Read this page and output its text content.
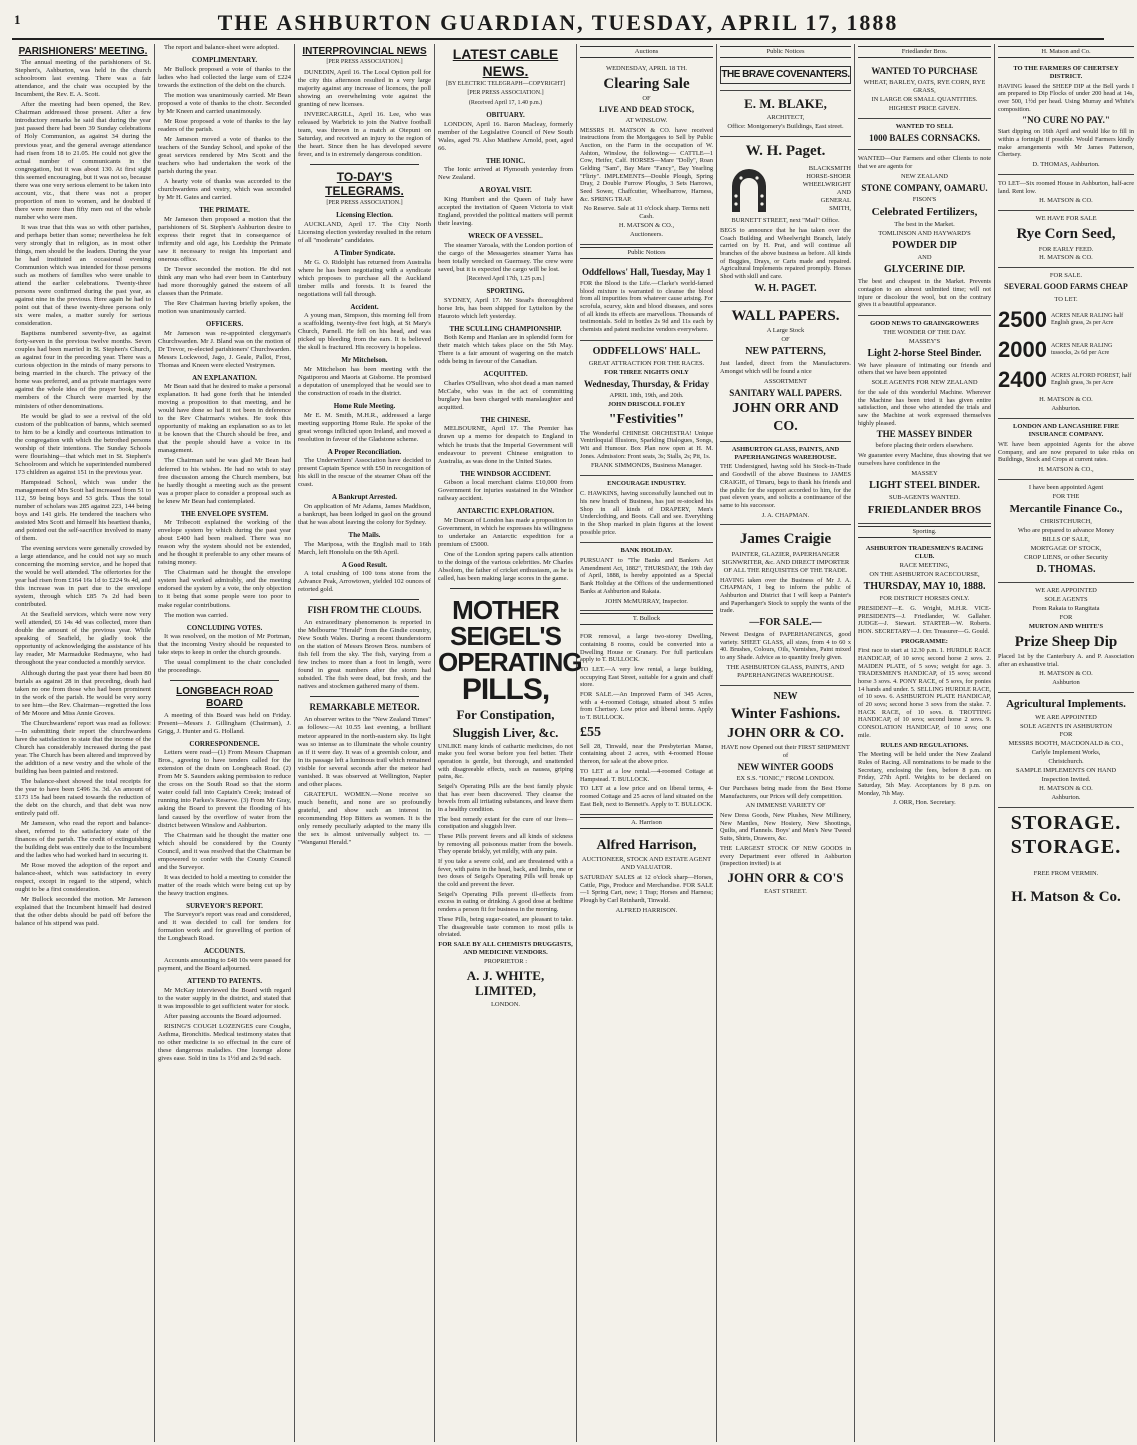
1	THE ASHBURTON GUARDIAN, TUESDAY, APRIL 17, 1888
PARISHIONERS' MEETING.

The annual meeting of the parishioners of St. Stephen's, Ashburton, was held in the church schoolroom last evening. There was a fair attendance, and the chair was occupied by the Incumbent, the Rev. E. A. Scott.

After the meeting had been opened, the Rev. Chairman addressed those present. After a few introductory remarks he said that during the year just passed there had been 39 Sunday celebrations of Holy Communion, as against 34 during the previous year, and the general average attendance had risen from 18 to 21.05. He could not give the actual number of communicants in the congregation, but it was about 130. At first sight this seemed encouraging, but it was not so, because there was one very serious element to be taken into account, viz., that there was not a proper proportion of men to women, and he doubted if there were more than fifty men out of the whole number who were men.

It was true that this was so with other parishes, and perhaps better than some; nevertheless he felt very strongly that in religion, as in most other things, men should be the leaders. During the year he had instituted an occasional evening Communion which was intended for those persons such as mothers of families who were unable to attend the earlier celebrations. Twenty-three persons were confirmed during the past year, as against nine in the previous. Here again he had to point out that of these twenty-three persons only six were males, a matter surely for serious consideration.

Baptisms numbered seventy-five, as against forty-seven in the previous twelve months. Seven couples had been married in St. Stephen's Church, as against four in the preceding year. There was a curious objection in the minds of many persons to being married in the church. The privacy of the home was preferred, and as private marriages were against the whole idea of the prayer book, many members of the Church were married by the ministers of other denominations.

He would be glad to see a revival of the old custom of the publication of banns, which seemed to him to be a kindly and courteous intimation to the congregation with which the betrothed persons worship of their intentions. The Sunday Schools were flourishing—that which met in St. Stephen's Schoolroom and which he superintended numbered 173 children as against 151 in the previous year.

Hampstead School, which was under the management of Mrs Scott had increased from 51 to 112, 59 being boys and 53 girls. Thus the total number of scholars was 285 against 223, 144 being boys and 141 girls. He tendered the teachers who assisted Mrs Scott and himself his heartiest thanks, and pointed out the self-sacrifice involved to many of them.

The evening services were generally crowded by a large attendance, and he could not say so much concerning the morning service, and he hoped that the would be well attended. The offertories for the year had risen from £164 16s 1d to £224 9s 4d, and this increase was in part due to the envelope system, through which £85 7s 2d had been contributed.

At the Seafield services, which were now very well attended, £6 14s 4d was collected, more than double the amount of the previous year. While speaking of Seafield, he gladly took the opportunity of acknowledging the assistance of his lay reader, Mr Marmaduke Redmayne, who had throughout the year conducted a monthly service.

Although during the past year there had been 80 burials as against 28 in that preceding, death had taken no one from those who had been prominent in the work of the parish. He would be very sorry to see him—the Rev. Chairman—regretted the loss of Mr Moore and Miss Annie Groves.

The Churchwardens' report was read as follows:—In submitting their report the churchwardens have the satisfaction to state that the income of the Church has considerably increased during the past year. The Church has been altered and improved by the addition of a new vestry and the whole of the building has been painted and restored.

The balance-sheet showed the total receipts for the year to have been £496 3s. 3d. An amount of £173 15s had been raised towards the reduction of the debt on the church, and that debt was now entirely paid off.

Mr Jameson, who read the report and balance-sheet, referred to the satisfactory state of the finances of the parish. The credit of extinguishing the building debt was entirely due to the Incumbent and the ladies who had worked hard in securing it.

Mr Rose moved the adoption of the report and balance-sheet, which was satisfactory in every respect, except in regard to the stipend, which ought to be a first consideration.

Mr Bullock seconded the motion. Mr Jameson explained that the Incumbent himself had desired that the other debts should be paid off before the balance of his stipend was paid.

The report and balance-sheet were adopted.

COMPLIMENTARY.

Mr Bullock proposed a vote of thanks to the ladies who had collected the large sum of £224 towards the extinction of the debt on the church.

The motion was unanimously carried. Mr Bean proposed a vote of thanks to the choir. Seconded by Mr Kneen and carried unanimously.

Mr Rose proposed a vote of thanks to the lay readers of the parish.

Mr Jameson moved a vote of thanks to the teachers of the Sunday School, and spoke of the great services rendered by Mrs Scott and the teachers who had undertaken the work of the parish during the year.

A hearty vote of thanks was accorded to the churchwardens and vestry, which was seconded by Mr H. Gates and carried.

THE PRIMATE.

Mr Jameson then proposed a motion that the parishioners of St. Stephen's Ashburton desire to express their regret that in consequence of infirmity and old age, his Lordship the Primate saw it necessary to resign his important and onerous office.

Dr Trevor seconded the motion. He did not think any man who had ever been in Canterbury had more thoroughly gained the esteem of all classes than the Primate.

The Rev Chairman having briefly spoken, the motion was unanimously carried.

OFFICERS.

Mr Jameson was re-appointed clergyman's Churchwarden. Mr J. Bland was on the motion of Dr Trevor, re-elected parishioners' Churchwarden. Messrs Lockwood, Jago, J. Geale, Pallot, Frost, Thomas and Kneen were elected Vestrymen.

AN EXPLANATION.

Mr Bean said that he desired to make a personal explanation. It had gone forth that he intended moving a proposition to that meeting, and he would have done so had it not been in deference to the Rev Chairman's wishes. He took this opportunity of making an explanation so as to let it be known that the Church should be free, and that the people should have a voice in its management.

The Chairman said he was glad Mr Bean had deferred to his wishes. He had no wish to stay free discussion among the Church members, but he hardly thought a meeting such as the present was a proper place to consider a proposal such as he knew Mr Bean had contemplated.

THE ENVELOPE SYSTEM.

Mr Tribecott explained the working of the envelope system by which during the past year about £400 had been realised. There was no reason why the system should not be extended, and he thought it preferable to any other means of raising money.

The Chairman said he thought the envelope system had worked admirably, and the meeting endorsed the system by a vote, the only objection to it being that some people were too poor to make regular contributions.

The motion was carried.

CONCLUDING VOTES.

It was resolved, on the motion of Mr Portman, that the incoming Vestry should be requested to take steps to keep in order the church grounds.

The usual compliment to the chair concluded the proceedings.

LONGBEACH ROAD BOARD

A meeting of this Board was held on Friday. Present—Messrs J. Gillingham (Chairman), J. Grigg, J. Hunter and G. Holland.

CORRESPONDENCE.

Letters were read—(1) From Messrs Chapman Bros., agreeing to have tenders called for the extension of the drain on Longbeach Road. (2) From Mr S. Saunders asking permission to reduce the cross on the South Road so that the storm water could fall into Captain's Creek; instead of running into Parkes's Reserve. (3) From Mr Gray, asking the Board to prevent the flooding of his land caused by the overflow of water from the district between Winslow and Ashburton.

The Chairman said he thought the matter one which should be considered by the County Council, and it was resolved that the Chairman be empowered to confer with the County Council and the Surveyor.

It was decided to hold a meeting to consider the matter of the roads which were being cut up by the heavy traction engines.

SURVEYOR'S REPORT.

The Surveyor's report was read and considered, and it was decided to call for tenders for formation work and for gravelling of portion of the Longbeach Road.

ACCOUNTS.

Accounts amounting to £48 10s were passed for payment, and the Board adjourned.

ATTEND TO PATENTS.

Mr McKay interviewed the Board with regard to the water supply in the district, and stated that it was impossible to get sufficient water for stock.

After passing accounts the Board adjourned.

RISING'S COUGH LOZENGES cure Coughs, Asthma, Bronchitis. Medical testimony states that no other medicine is so effectual in the cure of these dangerous maladies. One lozenge alone gives ease. Sold in tins 1s 1½d and 2s 9d each.

INTERPROVINCIAL NEWS
[PER PRESS ASSOCIATION.]

DUNEDIN, April 16. The Local Option poll for the city this afternoon resulted in a very large majority against any increase of licences, the poll showing an overwhelming vote against the granting of new licenses.

INVERCARGILL, April 16. Lee, who was released by Warbrick to join the Native football team, was thrown in a match at Otepuni on Saturday, and received an injury to the region of the heart. Since then he has developed severe fever, and is in extremely dangerous condition.

TO-DAY'S TELEGRAMS.
[PER PRESS ASSOCIATION.]
Licensing Election.

AUCKLAND, April 17. The City North Licensing election yesterday resulted in the return of all "moderate" candidates.

A Timber Syndicate.

Mr G. O. Ridolphi has returned from Australia where he has been negotiating with a syndicate which proposes to purchase all the Auckland timber mills and forests. It is feared the negotiations will fall through.

Accident.

A young man, Simpson, this morning fell from a scaffolding, twenty-five feet high, at St Mary's Church, Parnell. He fell on his head, and was picked up bleeding from the ears. It is believed the skull is fractured. His recovery is hopeless.

Mr Mitchelson.

Mr Mitchelson has been meeting with the Ngatiporou and Maoris at Gisborne. He promised a deputation of unemployed that he would see to the construction of roads in the district.

Home Rule Meeting.

Mr E. M. Smith, M.H.R., addressed a large meeting supporting Home Rule. He spoke of the great wrongs inflicted upon Ireland, and moved a resolution in favour of the Gladstone scheme.

A Proper Reconciliation.

The Underwriters' Association have decided to present Captain Spence with £50 in recognition of his skill in the rescue of the steamer Ohau off the coast.

A Bankrupt Arrested.

On application of Mr Adams, James Maddison, a bankrupt, has been lodged in gaol on the ground that he was about leaving the colony for Sydney.

The Mails.

The Mariposa, with the English mail to 16th March, left Honolulu on the 9th April.

A Good Result.

A total crushing of 100 tons stone from the Advance Peak, Arrowtown, yielded 102 ounces of retorted gold.

FISH FROM THE CLOUDS.

An extraordinary phenomenon is reported in the Melbourne "Herald" from the Gindie country, New South Wales. During a recent thunderstorm on the station of Messrs Brown Bros. numbers of fish fell from the sky. The fish, varying from a few inches to more than a foot in length, were found in great numbers after the storm had subsided. The fish were dead, but fresh, and the natives and stockmen gathered many of them.

REMARKABLE METEOR.

An observer writes to the "New Zealand Times" as follows:—At 10.55 last evening, a brilliant meteor appeared in the north-eastern sky. Its light was so intense as to illuminate the whole country as if it were day. It was of a greenish colour, and in its passage left a luminous trail which remained visible for several seconds after the meteor had vanished. It was observed at Wellington, Napier and other places.

GRATEFUL WOMEN.—None receive so much benefit, and none are so profoundly grateful, and show such an interest in recommending Hop Bitters as women. It is the only remedy peculiarly adapted to the many ills the sex is almost universally subject to. — "Wanganui Herald."

LATEST CABLE NEWS.
[BY ELECTRIC TELEGRAPH—COPYRIGHT]
[PER PRESS ASSOCIATION.]
(Received April 17, 1.40 p.m.)
OBITUARY.

LONDON, April 16. Baron Macleay, formerly member of the Legislative Council of New South Wales, aged 79. Also Matthew Arnold, poet, aged 66.

THE IONIC.

The Ionic arrived at Plymouth yesterday from New Zealand.

A ROYAL VISIT.

King Humbert and the Queen of Italy have accepted the invitation of Queen Victoria to visit England, provided the political matters will permit their leaving.

WRECK OF A VESSEL.

The steamer Yaroala, with the London portion of the cargo of the Messageries steamer Yarra has been totally wrecked on Guernsey. The crew were saved, but it is expected the cargo will be lost.

[Received April 17th, 1.25 p.m.]
SPORTING.

SYDNEY, April 17. Mr Stead's thoroughbred horse Iris, has been shipped for Lyttelton by the Hauroto which left yesterday.

THE SCULLING CHAMPIONSHIP.

Both Kemp and Hanlan are in splendid form for their match which takes place on the 5th May. There is a fair amount of wagering on the match odds being in favour of the Canadian.

ACQUITTED.

Charles O'Sullivan, who shot dead a man named McCabe, who was in the act of committing burglary has been charged with manslaughter and acquitted.

THE CHINESE.

MELBOURNE, April 17. The Premier has drawn up a memo for despatch to England in which he trusts that the Imperial Government will endeavour to prevent Chinese emigration to Australia, as was done in the United States.

THE WINDSOR ACCIDENT.

Gibson a local merchant claims £10,000 from Government for injuries sustained in the Windsor railway accident.

ANTARCTIC EXPLORATION.

Mr Duncan of London has made a proposition to Government, in which he expresses his willingness to undertake an Antarctic expedition for a premium of £5000.

One of the London spring papers calls attention to the doings of the various celebrities. Mr Charles Absolom, the father of cricket enthusiasm, as he is called, has been making large scores in the game.

MOTHER
SEIGEL'S
OPERATING
PILLS,
For Constipation,
Sluggish Liver, &c.
UNLIKE many kinds of cathartic medicines, do not make you feel worse before you feel better. Their operation is gentle, but thorough, and unattended with disagreeable effects, such as nausea, griping pains, &c.
Seigel's Operating Pills are the best family physic that has ever been discovered. They cleanse the bowels from all irritating substances, and leave them in a healthy condition.
The best remedy extant for the cure of our lives—constipation and sluggish liver.
These Pills prevent fevers and all kinds of sickness by removing all poisonous matter from the bowels. They operate briskly, yet mildly, with any pain.
If you take a severe cold, and are threatened with a fever, with pains in the head, back, and limbs, one or two doses of Seigel's Operating Pills will break up the cold and prevent the fever.
Seigel's Operating Pills prevent ill-effects from excess in eating or drinking. A good dose at bedtime renders a person fit for business in the morning.
These Pills, being sugar-coated, are pleasant to take. The disagreeable taste common to most pills is obviated.
FOR SALE BY ALL CHEMISTS DRUGGISTS, AND MEDICINE VENDORS.
PROPRIETOR :
A. J. WHITE, LIMITED,
LONDON.
Auctions
WEDNESDAY, APRIL 18 TH.
Clearing Sale
OF
LIVE AND DEAD STOCK,
AT WINSLOW.
MESSRS H. MATSON & CO. have received instructions from the Mortgagees to Sell by Public Auction, on the Farm in the occupation of W. Ashton, Winslow, the following:— CATTLE—1 Cow, Heifer, Calf. HORSES—Mare "Dolly", Roan Gelding "Sam", Bay Mare "Fancy", Bay Yearling "Flirty". IMPLEMENTS—Double Plough, Spring Dray, 2 Double Furrow Ploughs, 3 Sets Harrows, Seed Sower, Chaffcutter, Wheelbarrow, Harness, &c. SPRING TRAP.
No Reserve. Sale at 11 o'clock sharp. Terms nett Cash.
H. MATSON & CO.,
Auctioneers.
Public Notices
Oddfellows' Hall, Tuesday, May 1
FOR the Blood is the Life.—Clarke's world-famed blood mixture is warranted to cleanse the blood from all impurities from whatever cause arising. For scrofula, scurvy, skin and blood diseases, and sores of all kinds its effects are marvellous. Thousands of testimonials. Sold in bottles 2s 9d and 11s each by chemists and patent medicine vendors everywhere.
ODDFELLOWS' HALL.
GREAT ATTRACTION FOR THE RACES.
FOR THREE NIGHTS ONLY
Wednesday, Thursday, & Friday
APRIL 18th, 19th, and 20th.
JOHN DRISCOLL FOLEY
"Festivities"
The Wonderful CHINESE ORCHESTRA! Unique Ventriloquial Illusions, Sparkling Dialogues, Songs, Wit and Humour. Box Plan now open at H. M. Jones. Admission: Front seats, 3s; Stalls, 2s; Pit, 1s.
FRANK SIMMONDS, Business Manager.
ENCOURAGE INDUSTRY.
C. HAWKINS, having successfully launched out in his new branch of Business, has just re-stocked his Shop in all kinds of DRAPERY, Men's Underclothing, and Boots. Call and see. Everything in the Shop marked in plain figures at the lowest possible price.
BANK HOLIDAY.
PURSUANT to "The Banks and Bankers Act Amendment Act, 1882", THURSDAY, the 19th day of April, 1888, is hereby appointed as a Special Bank Holiday at the Offices of the undermentioned Banks at Ashburton and Rakaia.
JOHN McMURRAY, Inspector.
T. Bullock
FOR removal, a large two-storey Dwelling, containing 8 rooms, could be converted into a Dwelling House or Granary. For full particulars apply to T. BULLOCK.
TO LET.—A very low rental, a large building, occupying East Street, suitable for a grain and chaff store.
FOR SALE.—An Improved Farm of 345 Acres, with a 4-roomed Cottage, situated about 5 miles from Chertsey. Low price and liberal terms. Apply to T. BULLOCK.
£55
Sell 28, Tinwald, near the Presbyterian Manse, containing about 2 acres, with 4-roomed House thereon, for sale at the above price.
TO LET at a low rental.—4-roomed Cottage at Hampstead. T. BULLOCK.
TO LET at a low price and on liberal terms, 4-roomed Cottage and 25 acres of land situated on the East Belt, next to Bennett's. Apply to T. BULLOCK.
A. Harrison
Alfred Harrison,
AUCTIONEER, STOCK AND ESTATE AGENT AND VALUATOR.
SATURDAY SALES at 12 o'clock sharp—Horses, Cattle, Pigs, Produce and Merchandise. FOR SALE—1 Spring Cart, new; 1 Trap; Horses and Harness; Plough by Carl Reinhardt, Tinwald.
ALFRED HARRISON.
Public Notices
THE BRAVE COVENANTERS.
E. M. BLAKE,
ARCHITECT,
Office: Montgomery's Buildings, East street.
W. H. Paget.
BLACKSMITH
HORSE-SHOER
WHEELWRIGHT
AND
GENERAL
SMITH,
BURNETT STREET, next "Mail" Office.
BEGS to announce that he has taken over the Coach Building and Wheelwright Branch, lately carried on by H. Prat, and will continue all branches of the above business as before. All kinds of Buggies, Drays, or Carts made and repaired. Agricultural Implements repaired promptly. Horses Shod with skill and care.
W. H. PAGET.
WALL PAPERS.
A Large Stock
OF
NEW PATTERNS,
Just landed, direct from the Manufacturers. Amongst which will be found a nice
ASSORTMENT
SANITARY WALL PAPERS.
JOHN ORR AND CO.
ASHBURTON GLASS, PAINTS, AND PAPERHANGINGS WAREHOUSE.
THE Undersigned, having sold his Stock-in-Trade and Goodwill of the above Business to JAMES CRAIGIE, of Timaru, begs to thank his friends and the public for the support accorded to him, for the past eleven years, and solicits a continuance of the same to his successor.
J. A. CHAPMAN.
James Craigie
PAINTER, GLAZIER, PAPERHANGER SIGNWRITER, &c. AND DIRECT IMPORTER OF ALL THE REQUISITES OF THE TRADE.
HAVING taken over the Business of Mr J. A. CHAPMAN, I beg to inform the public of Ashburton and District that I will keep a Painter's and Paperhanger's Stock to supply the wants of the trade.
—FOR SALE.—
Newest Designs of PAPERHANGINGS, good variety. SHEET GLASS, all sizes, from 4 to 60 x 40. Brushes, Colours, Oils, Varnishes, Paint mixed to any Shade. Advice as to quantity freely given.
THE ASHBURTON GLASS, PAINTS, AND PAPERHANGINGS WAREHOUSE.
NEW
Winter Fashions.
JOHN ORR & CO.
HAVE now Opened out their FIRST SHIPMENT of
NEW WINTER GOODS
EX S.S. "IONIC," FROM LONDON.
Our Purchases being made from the Best Home Manufacturers, our Prices will defy competition.
AN IMMENSE VARIETY OF
New Dress Goods, New Plushes, New Millinery, New Mantles, New Hosiery, New Shootings, Quilts, and Flannels. Boys' and Men's New Tweed Suits, Shirts, Drawers, &c.
THE LARGEST STOCK OF NEW GOODS in every Department ever offered in Ashburton (inspection invited) is at
JOHN ORR & CO'S
EAST STREET.
Friedlander Bros.
WANTED TO PURCHASE
WHEAT, BARLEY, OATS, RYE CORN, RYE GRASS,
IN LARGE OR SMALL QUANTITIES.
HIGHEST PRICE GIVEN.
WANTED TO SELL
1000 BALES CORNSACKS.
WANTED—Our Farmers and other Clients to note that we are agents for
NEW ZEALAND
STONE COMPANY, OAMARU.
FISON'S
Celebrated Fertilizers,
The best in the Market.
TOMLINSON AND HAYWARD'S
POWDER DIP
AND
GLYCERINE DIP.
The best and cheapest in the Market. Prevents contagion to an almost unlimited time; will not injure or discolour the wool, but on the contrary gives it a beautiful appearance.
GOOD NEWS TO GRAINGROWERS
THE WONDER OF THE DAY.
MASSEY'S
Light 2-horse Steel Binder.
We have pleasure of intimating our friends and others that we have been appointed
SOLE AGENTS FOR NEW ZEALAND
for the sale of this wonderful Machine. Wherever the Machine has been tried it has given entire satisfaction, and those who attended the trials and saw the Machine at work expressed themselves highly pleased.
THE MASSEY BINDER
before placing their orders elsewhere.
We guarantee every Machine, thus showing that we ourselves have confidence in the
MASSEY
LIGHT STEEL BINDER.
SUB-AGENTS WANTED.
FRIEDLANDER BROS
Sporting.
ASHBURTON TRADESMEN'S RACING CLUB.
RACE MEETING,
ON THE ASHBURTON RACECOURSE,
THURSDAY, MAY 10, 1888.
FOR DISTRICT HORSES ONLY.
PRESIDENT—E. G. Wright, M.H.R. VICE-PRESIDENTS—J. Friedlander, W. Gallaher. JUDGE—J. Stewart. STARTER—W. Roberts. HON. SECRETARY—J. Orr. Treasurer—G. Gould.
PROGRAMME:
First race to start at 12.30 p.m. 1. HURDLE RACE HANDICAP, of 10 sovs; second horse 2 sovs. 2. MAIDEN PLATE, of 5 sovs; weight for age. 3. TRADESMEN'S HANDICAP, of 15 sovs; second horse 3 sovs. 4. PONY RACE, of 5 sovs, for ponies 14 hands and under. 5. SELLING HURDLE RACE, of 10 sovs. 6. ASHBURTON PLATE HANDICAP, of 20 sovs; second horse 3 sovs from the stake. 7. HACK RACE, of 10 sovs. 8. TROTTING HANDICAP, of 10 sovs; second horse 2 sovs. 9. CONSOLATION HANDICAP, of 10 sovs; one mile.
RULES AND REGULATIONS.
The Meeting will be held under the New Zealand Rules of Racing. All nominations to be made to the Secretary, enclosing the fees, before 8 p.m. on Friday, 27th April. Weights to be declared on Saturday, 5th May. Acceptances by 8 p.m. on Monday, 7th May.
J. ORR, Hon. Secretary.
H. Matson and Co.
TO THE FARMERS OF CHERTSEY DISTRICT.
HAVING leased the SHEEP DIP at the Bell yards I am prepared to Dip Flocks of under 200 head at 14s, over 500, 1½d per head. Using Murray and White's composition.
"NO CURE NO PAY."
Start dipping on 16th April and would like to fill in within a fortnight if possible. Would Farmers kindly make arrangements with Mr James Patterson, Chertsey.
D. THOMAS, Ashburton.
TO LET—Six roomed House in Ashburton, half-acre land. Rent low.
H. MATSON & CO.
WE HAVE FOR SALE
Rye Corn Seed,
FOR EARLY FEED.
H. MATSON & CO.
FOR SALE.
SEVERAL GOOD FARMS CHEAP
TO LET.
2500 ACRES NEAR RALING half English grass, 2s per Acre
2000 ACRES NEAR RALING tussocks, 2s 6d per Acre
2400 ACRES ALFORD FOREST, half English grass, 3s per Acre
H. MATSON & CO.
Ashburton.
LONDON AND LANCASHIRE FIRE INSURANCE COMPANY.
WE have been appointed Agents for the above Company, and are now prepared to take risks on Buildings, Stock and Crops at current rates.
H. MATSON & CO.,
I have been appointed Agent
FOR THE
Mercantile Finance Co.,
CHRISTCHURCH,
Who are prepared to advance Money
BILLS OF SALE,
MORTGAGE OF STOCK,
CROP LIENS, or other Security
D. THOMAS.
WE ARE APPOINTED
SOLE AGENTS
From Rakaia to Rangitata
FOR
MURTON AND WHITE'S
Prize Sheep Dip
Placed 1st by the Canterbury A. and P. Association after an exhaustive trial.
H. MATSON & CO.
Ashburton
Agricultural Implements.
WE ARE APPOINTED
SOLE AGENTS IN ASHBURTON
FOR
MESSRS BOOTH, MACDONALD & CO.,
Carlyle Implement Works,
Christchurch.
SAMPLE IMPLEMENTS ON HAND
Inspection Invited.
H. MATSON & CO.
Ashburton.
STORAGE. STORAGE.
FREE FROM VERMIN.
H. Matson & Co.
